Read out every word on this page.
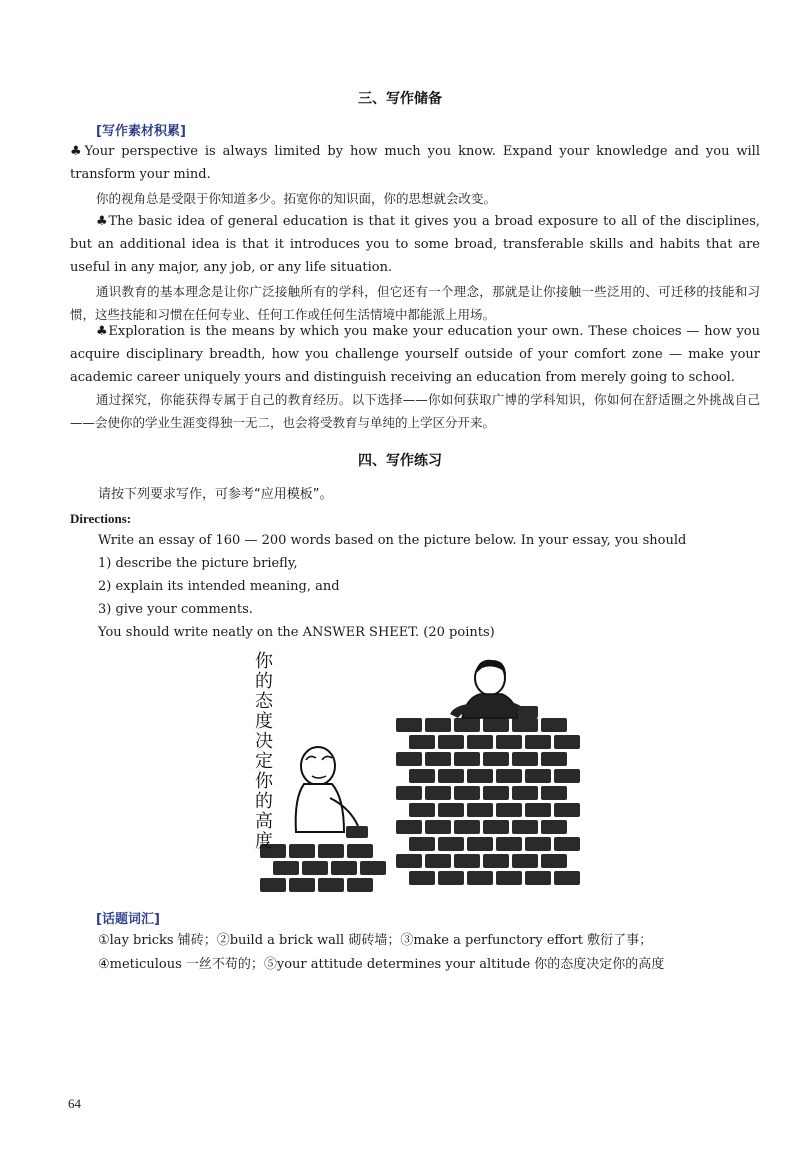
三、写作储备
[写作素材积累]
♣Your perspective is always limited by how much you know. Expand your knowledge and you will transform your mind.
你的视角总是受限于你知道多少。拓宽你的知识面，你的思想就会改变。
♣The basic idea of general education is that it gives you a broad exposure to all of the disciplines, but an additional idea is that it introduces you to some broad, transferable skills and habits that are useful in any major, any job, or any life situation.
通识教育的基本理念是让你广泛接触所有的学科，但它还有一个理念，那就是让你接触一些泛用的、可迁移的技能和习惯，这些技能和习惯在任何专业、任何工作或任何生活情境中都能派上用场。
♣Exploration is the means by which you make your education your own. These choices — how you acquire disciplinary breadth, how you challenge yourself outside of your comfort zone — make your academic career uniquely yours and distinguish receiving an education from merely going to school.
通过探究，你能获得专属于自己的教育经历。以下选择——你如何获取广博的学科知识，你如何在舒适圈之外挑战自己——会使你的学业生涯变得独一无二，也会将受教育与单纯的上学区分开来。
四、写作练习
请按下列要求写作，可参考“应用模板”。
Directions:
Write an essay of 160 — 200 words based on the picture below. In your essay, you should
1) describe the picture briefly,
2) explain its intended meaning, and
3) give your comments.
You should write neatly on the ANSWER SHEET. (20 points)
你
的
态
度
决
定
你
的
高
度
[话题词汇]
①lay bricks 铺砖；②build a brick wall 砌砖墙；③make a perfunctory effort 敷衍了事；
④meticulous 一丝不苟的；⑤your attitude determines your altitude 你的态度决定你的高度
64
